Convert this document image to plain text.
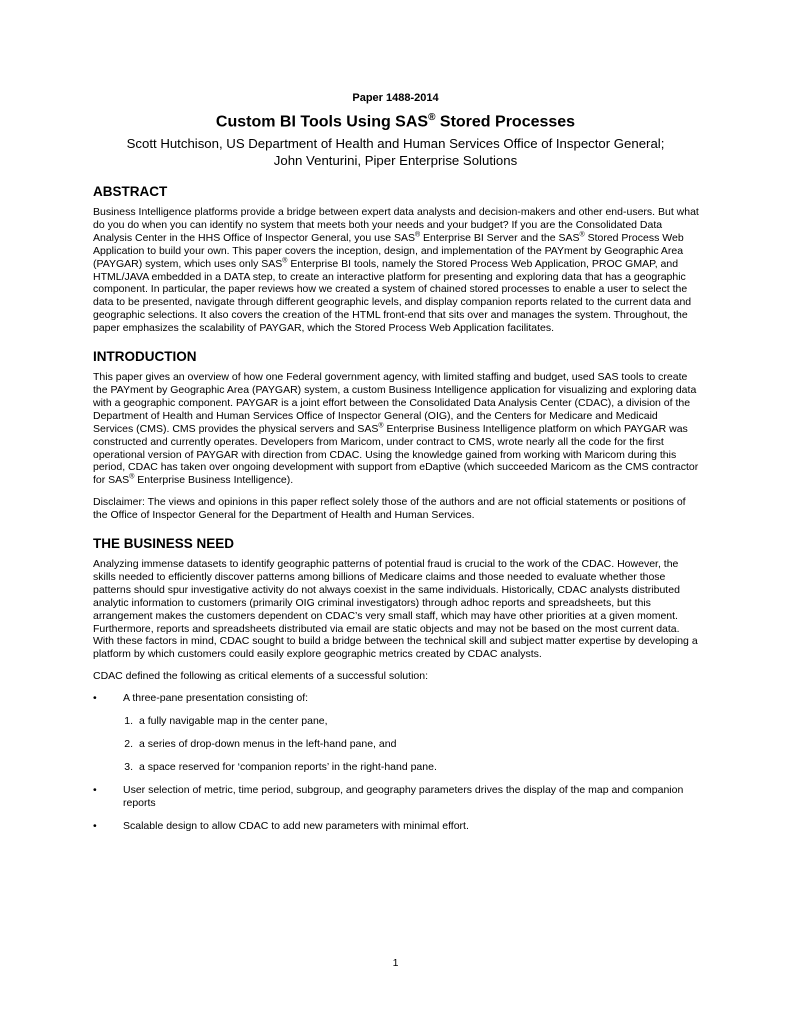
Paper 1488-2014
Custom BI Tools Using SAS® Stored Processes
Scott Hutchison, US Department of Health and Human Services Office of Inspector General;
John Venturini, Piper Enterprise Solutions
ABSTRACT

Business Intelligence platforms provide a bridge between expert data analysts and decision-makers and other end-users. But what do you do when you can identify no system that meets both your needs and your budget? If you are the Consolidated Data Analysis Center in the HHS Office of Inspector General, you use SAS® Enterprise BI Server and the SAS® Stored Process Web Application to build your own. This paper covers the inception, design, and implementation of the PAYment by Geographic Area (PAYGAR) system, which uses only SAS® Enterprise BI tools, namely the Stored Process Web Application, PROC GMAP, and HTML/JAVA embedded in a DATA step, to create an interactive platform for presenting and exploring data that has a geographic component. In particular, the paper reviews how we created a system of chained stored processes to enable a user to select the data to be presented, navigate through different geographic levels, and display companion reports related to the current data and geographic selections. It also covers the creation of the HTML front-end that sits over and manages the system. Throughout, the paper emphasizes the scalability of PAYGAR, which the Stored Process Web Application facilitates.

INTRODUCTION

This paper gives an overview of how one Federal government agency, with limited staffing and budget, used SAS tools to create the PAYment by Geographic Area (PAYGAR) system, a custom Business Intelligence application for visualizing and exploring data with a geographic component. PAYGAR is a joint effort between the Consolidated Data Analysis Center (CDAC), a division of the Department of Health and Human Services Office of Inspector General (OIG), and the Centers for Medicare and Medicaid Services (CMS). CMS provides the physical servers and SAS® Enterprise Business Intelligence platform on which PAYGAR was constructed and currently operates. Developers from Maricom, under contract to CMS, wrote nearly all the code for the first operational version of PAYGAR with direction from CDAC. Using the knowledge gained from working with Maricom during this period, CDAC has taken over ongoing development with support from eDaptive (which succeeded Maricom as the CMS contractor for SAS® Enterprise Business Intelligence).

Disclaimer: The views and opinions in this paper reflect solely those of the authors and are not official statements or positions of the Office of Inspector General for the Department of Health and Human Services.

THE BUSINESS NEED

Analyzing immense datasets to identify geographic patterns of potential fraud is crucial to the work of the CDAC. However, the skills needed to efficiently discover patterns among billions of Medicare claims and those needed to evaluate whether those patterns should spur investigative activity do not always coexist in the same individuals. Historically, CDAC analysts distributed analytic information to customers (primarily OIG criminal investigators) through adhoc reports and spreadsheets, but this arrangement makes the customers dependent on CDAC’s very small staff, which may have other priorities at a given moment. Furthermore, reports and spreadsheets distributed via email are static objects and may not be based on the most current data. With these factors in mind, CDAC sought to build a bridge between the technical skill and subject matter expertise by developing a platform by which customers could easily explore geographic metrics created by CDAC analysts.

CDAC defined the following as critical elements of a successful solution:

•	A three-pane presentation consisting of:
1. a fully navigable map in the center pane,
2. a series of drop-down menus in the left-hand pane, and
3. a space reserved for ‘companion reports’ in the right-hand pane.
•	User selection of metric, time period, subgroup, and geography parameters drives the display of the map and companion reports
•	Scalable design to allow CDAC to add new parameters with minimal effort.
1
